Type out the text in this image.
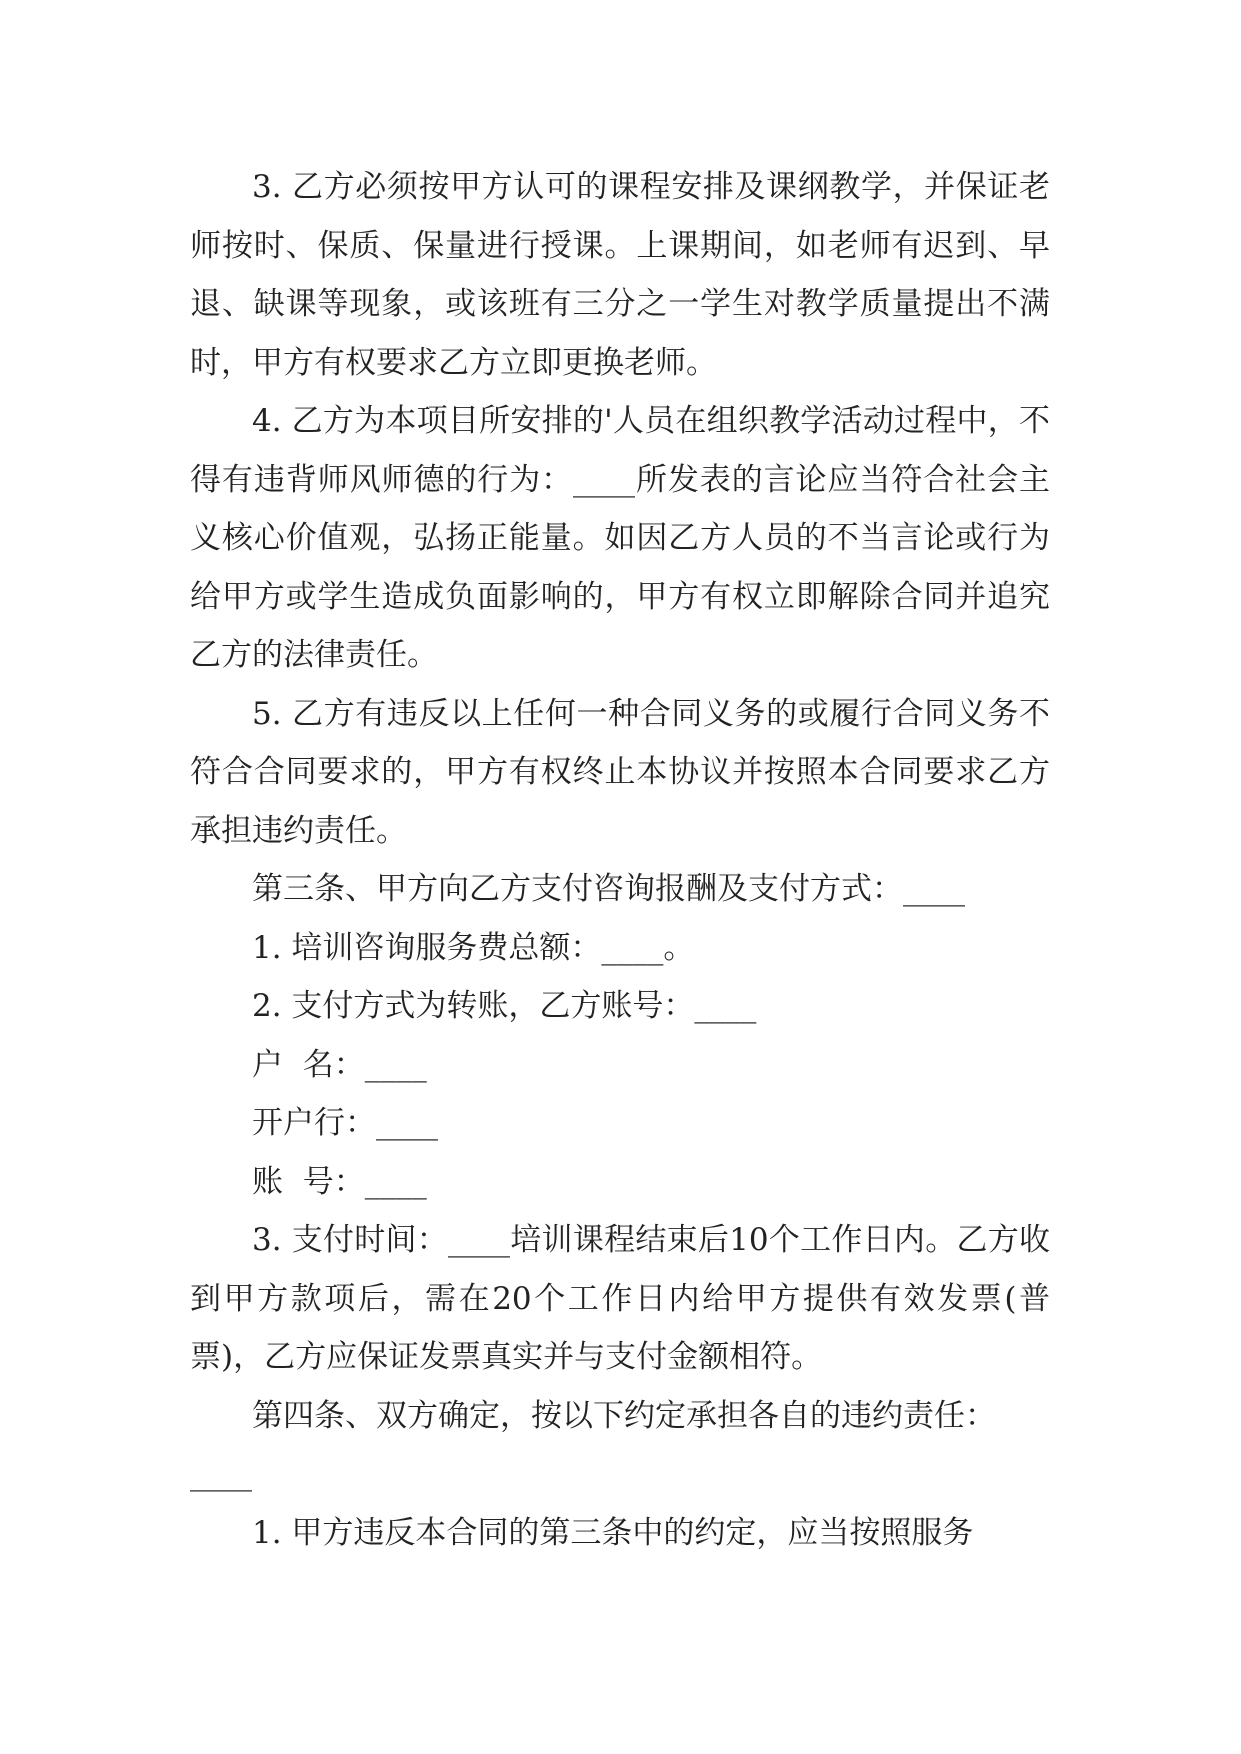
3. 乙方必须按甲方认可的课程安排及课纲教学，并保证老师按时、保质、保量进行授课。上课期间，如老师有迟到、早退、缺课等现象，或该班有三分之一学生对教学质量提出不满时，甲方有权要求乙方立即更换老师。

4. 乙方为本项目所安排的'人员在组织教学活动过程中，不得有违背师风师德的行为：____所发表的言论应当符合社会主义核心价值观，弘扬正能量。如因乙方人员的不当言论或行为给甲方或学生造成负面影响的，甲方有权立即解除合同并追究乙方的法律责任。

5. 乙方有违反以上任何一种合同义务的或履行合同义务不符合合同要求的，甲方有权终止本协议并按照本合同要求乙方承担违约责任。

第三条、甲方向乙方支付咨询报酬及支付方式：____

1. 培训咨询服务费总额：____。

2. 支付方式为转账，乙方账号：____

户  名：____

开户行：____

账  号：____

3. 支付时间：____培训课程结束后10个工作日内。乙方收到甲方款项后，需在20个工作日内给甲方提供有效发票(普票)，乙方应保证发票真实并与支付金额相符。

第四条、双方确定，按以下约定承担各自的违约责任：

____

1. 甲方违反本合同的第三条中的约定，应当按照服务
